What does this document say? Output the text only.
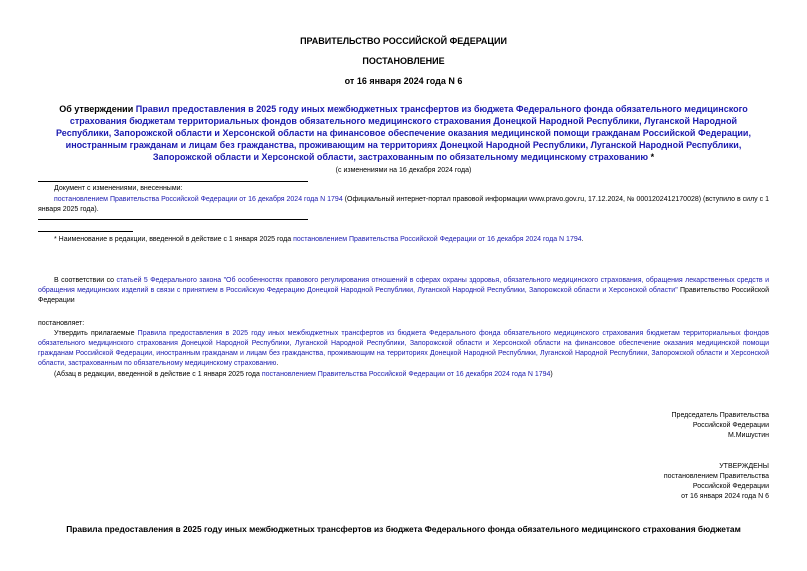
ПРАВИТЕЛЬСТВО РОССИЙСКОЙ ФЕДЕРАЦИИ
ПОСТАНОВЛЕНИЕ
от 16 января 2024 года N 6
Об утверждении Правил предоставления в 2025 году иных межбюджетных трансфертов из бюджета Федерального фонда обязательного медицинского страхования бюджетам территориальных фондов обязательного медицинского страхования Донецкой Народной Республики, Луганской Народной Республики, Запорожской области и Херсонской области на финансовое обеспечение оказания медицинской помощи гражданам Российской Федерации, иностранным гражданам и лицам без гражданства, проживающим на территориях Донецкой Народной Республики, Луганской Народной Республики, Запорожской области и Херсонской области, застрахованным по обязательному медицинскому страхованию *
(с изменениями на 16 декабря 2024 года)
Документ с изменениями, внесенными:
постановлением Правительства Российской Федерации от 16 декабря 2024 года N 1794 (Официальный интернет-портал правовой информации www.pravo.gov.ru, 17.12.2024, № 0001202412170028) (вступило в силу с 1 января 2025 года).
* Наименование в редакции, введенной в действие с 1 января 2025 года постановлением Правительства Российской Федерации от 16 декабря 2024 года N 1794.
В соответствии со статьей 5 Федерального закона "Об особенностях правового регулирования отношений в сферах охраны здоровья, обязательного медицинского страхования, обращения лекарственных средств и обращения медицинских изделий в связи с принятием в Российскую Федерацию Донецкой Народной Республики, Луганской Народной Республики, Запорожской области и Херсонской области" Правительство Российской Федерации
постановляет:
Утвердить прилагаемые Правила предоставления в 2025 году иных межбюджетных трансфертов из бюджета Федерального фонда обязательного медицинского страхования бюджетам территориальных фондов обязательного медицинского страхования Донецкой Народной Республики, Луганской Народной Республики, Запорожской области и Херсонской области на финансовое обеспечение оказания медицинской помощи гражданам Российской Федерации, иностранным гражданам и лицам без гражданства, проживающим на территориях Донецкой Народной Республики, Луганской Народной Республики, Запорожской области и Херсонской области, застрахованным по обязательному медицинскому страхованию.
(Абзац в редакции, введенной в действие с 1 января 2025 года постановлением Правительства Российской Федерации от 16 декабря 2024 года N 1794)
Председатель Правительства
Российской Федерации
М.Мишустин
УТВЕРЖДЕНЫ
постановлением Правительства
Российской Федерации
от 16 января 2024 года N 6
Правила предоставления в 2025 году иных межбюджетных трансфертов из бюджета Федерального фонда обязательного медицинского страхования бюджетам
